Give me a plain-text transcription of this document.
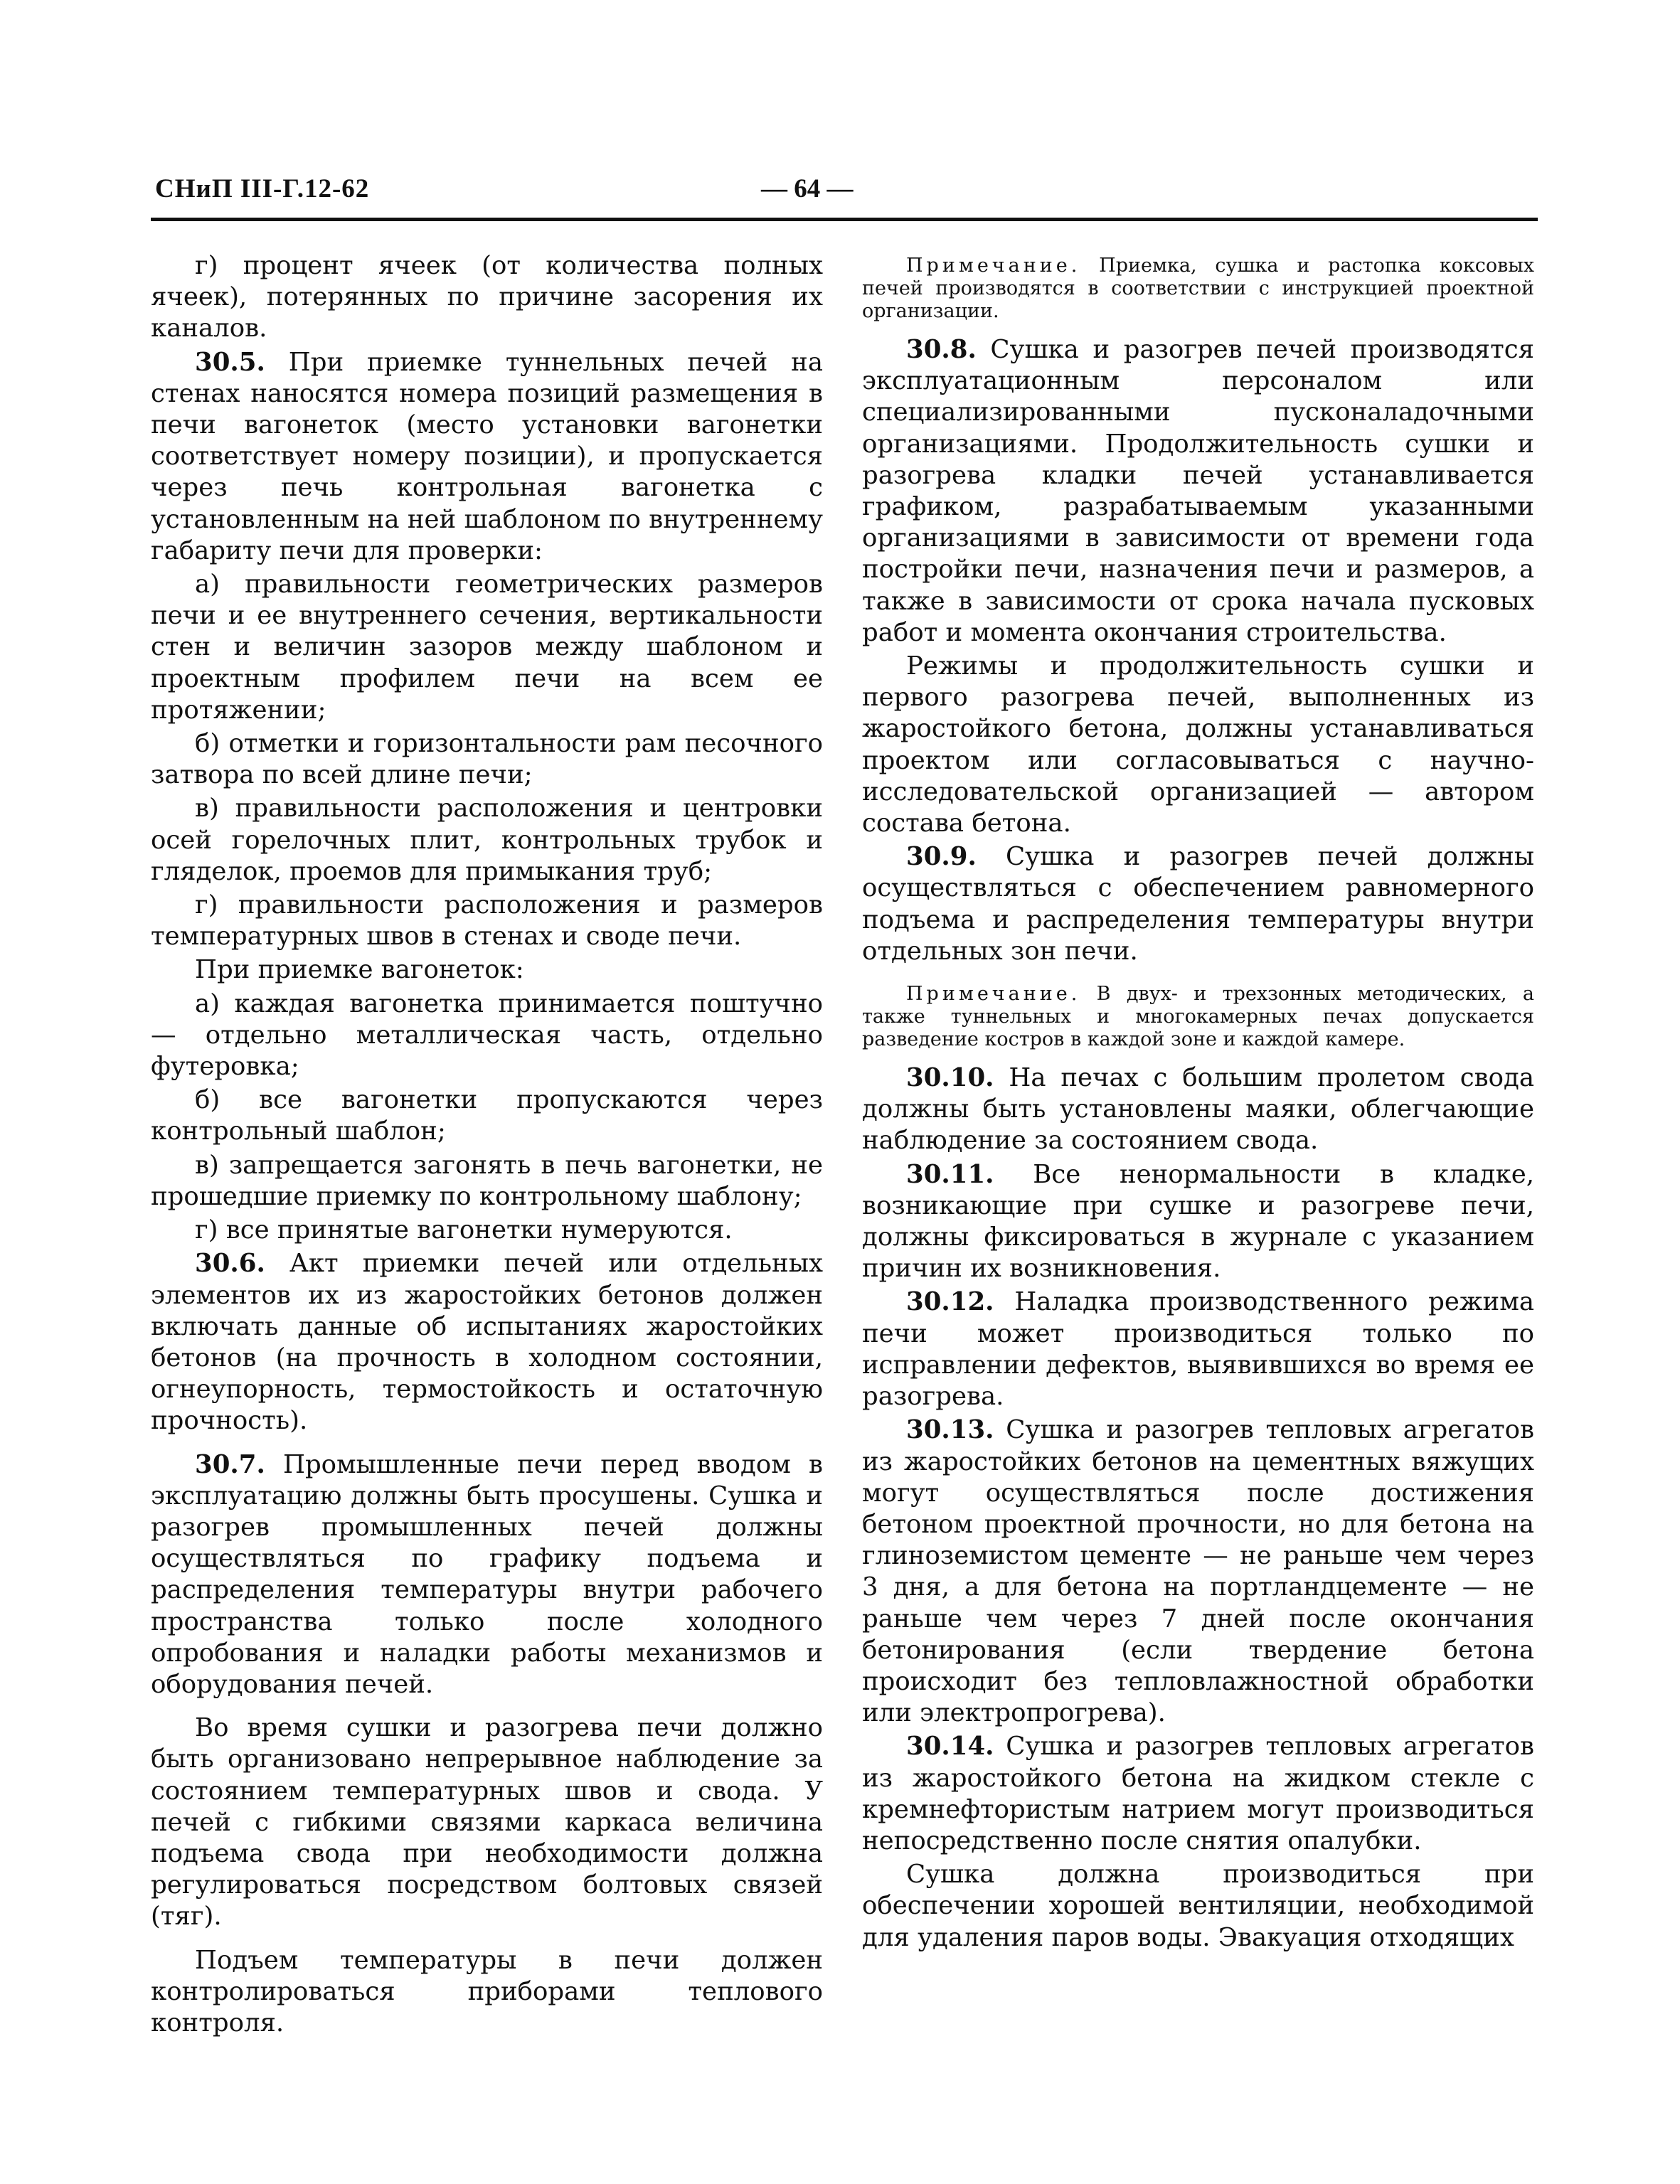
СНиП III-Г.12-62	— 64 —

г) процент ячеек (от количества полных ячеек), потерянных по причине засорения их каналов.

30.5. При приемке туннельных печей на стенах наносятся номера позиций размещения в печи вагонеток (место установки вагонетки соответствует номеру позиции), и пропускается через печь контрольная вагонетка с установленным на ней шаблоном по внутреннему габариту печи для проверки:

а) правильности геометрических размеров печи и ее внутреннего сечения, вертикальности стен и величин зазоров между шаблоном и проектным профилем печи на всем ее протяжении;

б) отметки и горизонтальности рам песочного затвора по всей длине печи;

в) правильности расположения и центровки осей горелочных плит, контрольных трубок и гляделок, проемов для примыкания труб;

г) правильности расположения и размеров температурных швов в стенах и своде печи.

При приемке вагонеток:

а) каждая вагонетка принимается поштучно — отдельно металлическая часть, отдельно футеровка;

б) все вагонетки пропускаются через контрольный шаблон;

в) запрещается загонять в печь вагонетки, не прошедшие приемку по контрольному шаблону;

г) все принятые вагонетки нумеруются.

30.6. Акт приемки печей или отдельных элементов их из жаростойких бетонов должен включать данные об испытаниях жаростойких бетонов (на прочность в холодном состоянии, огнеупорность, термостойкость и остаточную прочность).

30.7. Промышленные печи перед вводом в эксплуатацию должны быть просушены. Сушка и разогрев промышленных печей должны осуществляться по графику подъема и распределения температуры внутри рабочего пространства только после холодного опробования и наладки работы механизмов и оборудования печей.

Во время сушки и разогрева печи должно быть организовано непрерывное наблюдение за состоянием температурных швов и свода. У печей с гибкими связями каркаса величина подъема свода при необходимости должна регулироваться посредством болтовых связей (тяг).

Подъем температуры в печи должен контролироваться приборами теплового контроля.

Примечание. Приемка, сушка и растопка коксовых печей производятся в соответствии с инструкцией проектной организации.

30.8. Сушка и разогрев печей производятся эксплуатационным персоналом или специализированными пусконаладочными организациями. Продолжительность сушки и разогрева кладки печей устанавливается графиком, разрабатываемым указанными организациями в зависимости от времени года постройки печи, назначения печи и размеров, а также в зависимости от срока начала пусковых работ и момента окончания строительства.

Режимы и продолжительность сушки и первого разогрева печей, выполненных из жаростойкого бетона, должны устанавливаться проектом или согласовываться с научно-исследовательской организацией — автором состава бетона.

30.9. Сушка и разогрев печей должны осуществляться с обеспечением равномерного подъема и распределения температуры внутри отдельных зон печи.

Примечание. В двух- и трехзонных методических, а также туннельных и многокамерных печах допускается разведение костров в каждой зоне и каждой камере.

30.10. На печах с большим пролетом свода должны быть установлены маяки, облегчающие наблюдение за состоянием свода.

30.11. Все ненормальности в кладке, возникающие при сушке и разогреве печи, должны фиксироваться в журнале с указанием причин их возникновения.

30.12. Наладка производственного режима печи может производиться только по исправлении дефектов, выявившихся во время ее разогрева.

30.13. Сушка и разогрев тепловых агрегатов из жаростойких бетонов на цементных вяжущих могут осуществляться после достижения бетоном проектной прочности, но для бетона на глиноземистом цементе — не раньше чем через 3 дня, а для бетона на портландцементе — не раньше чем через 7 дней после окончания бетонирования (если твердение бетона происходит без тепловлажностной обработки или электропрогрева).

30.14. Сушка и разогрев тепловых агрегатов из жаростойкого бетона на жидком стекле с кремнефтористым натрием могут производиться непосредственно после снятия опалубки.

Сушка должна производиться при обеспечении хорошей вентиляции, необходимой для удаления паров воды. Эвакуация отходящих
